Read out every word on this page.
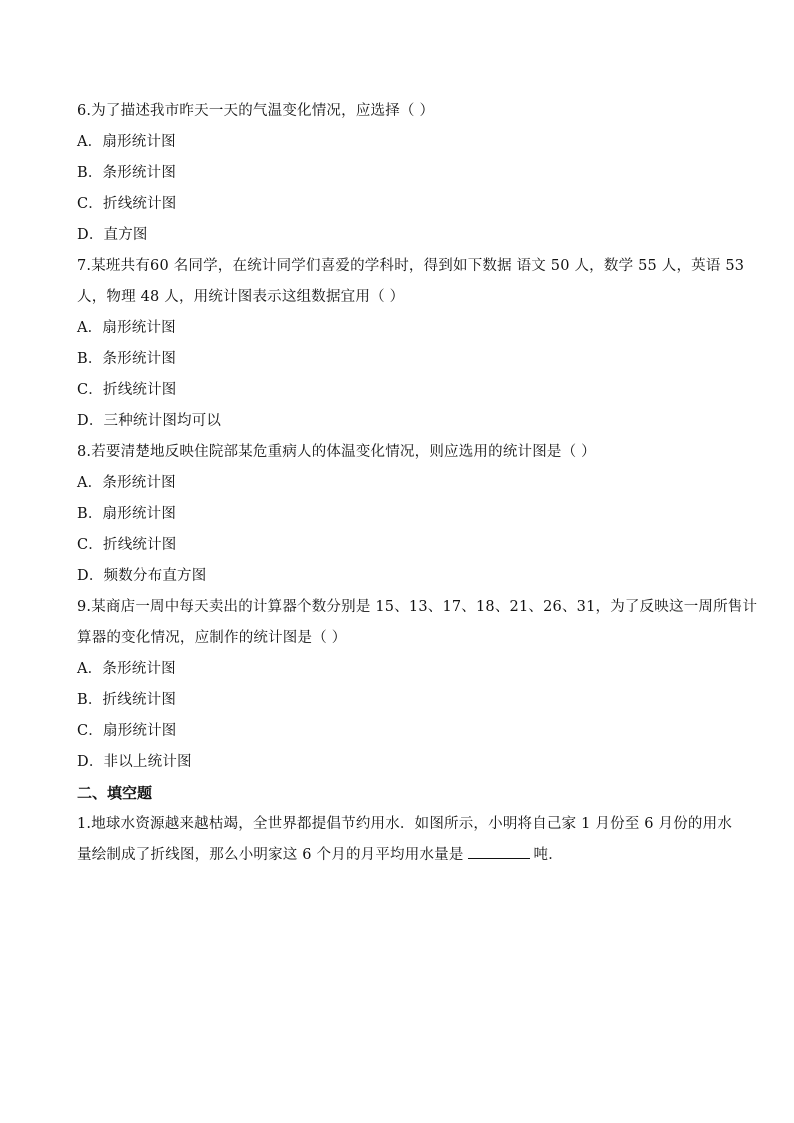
6.为了描述我市昨天一天的气温变化情况，应选择（ ）
A．扇形统计图
B．条形统计图
C．折线统计图
D．直方图
7.某班共有60 名同学，在统计同学们喜爱的学科时，得到如下数据 语文 50 人，数学 55 人，英语 53
人，物理 48 人，用统计图表示这组数据宜用（ ）
A．扇形统计图
B．条形统计图
C．折线统计图
D．三种统计图均可以
8.若要清楚地反映住院部某危重病人的体温变化情况，则应选用的统计图是（ ）
A．条形统计图
B．扇形统计图
C．折线统计图
D．频数分布直方图
9.某商店一周中每天卖出的计算器个数分别是 15、13、17、18、21、26、31，为了反映这一周所售计
算器的变化情况，应制作的统计图是（ ）
A．条形统计图
B．折线统计图
C．扇形统计图
D．非以上统计图
二、填空题
1.地球水资源越来越枯竭，全世界都提倡节约用水．如图所示，小明将自己家 1 月份至 6 月份的用水
量绘制成了折线图，那么小明家这 6 个月的月平均用水量是	吨．
